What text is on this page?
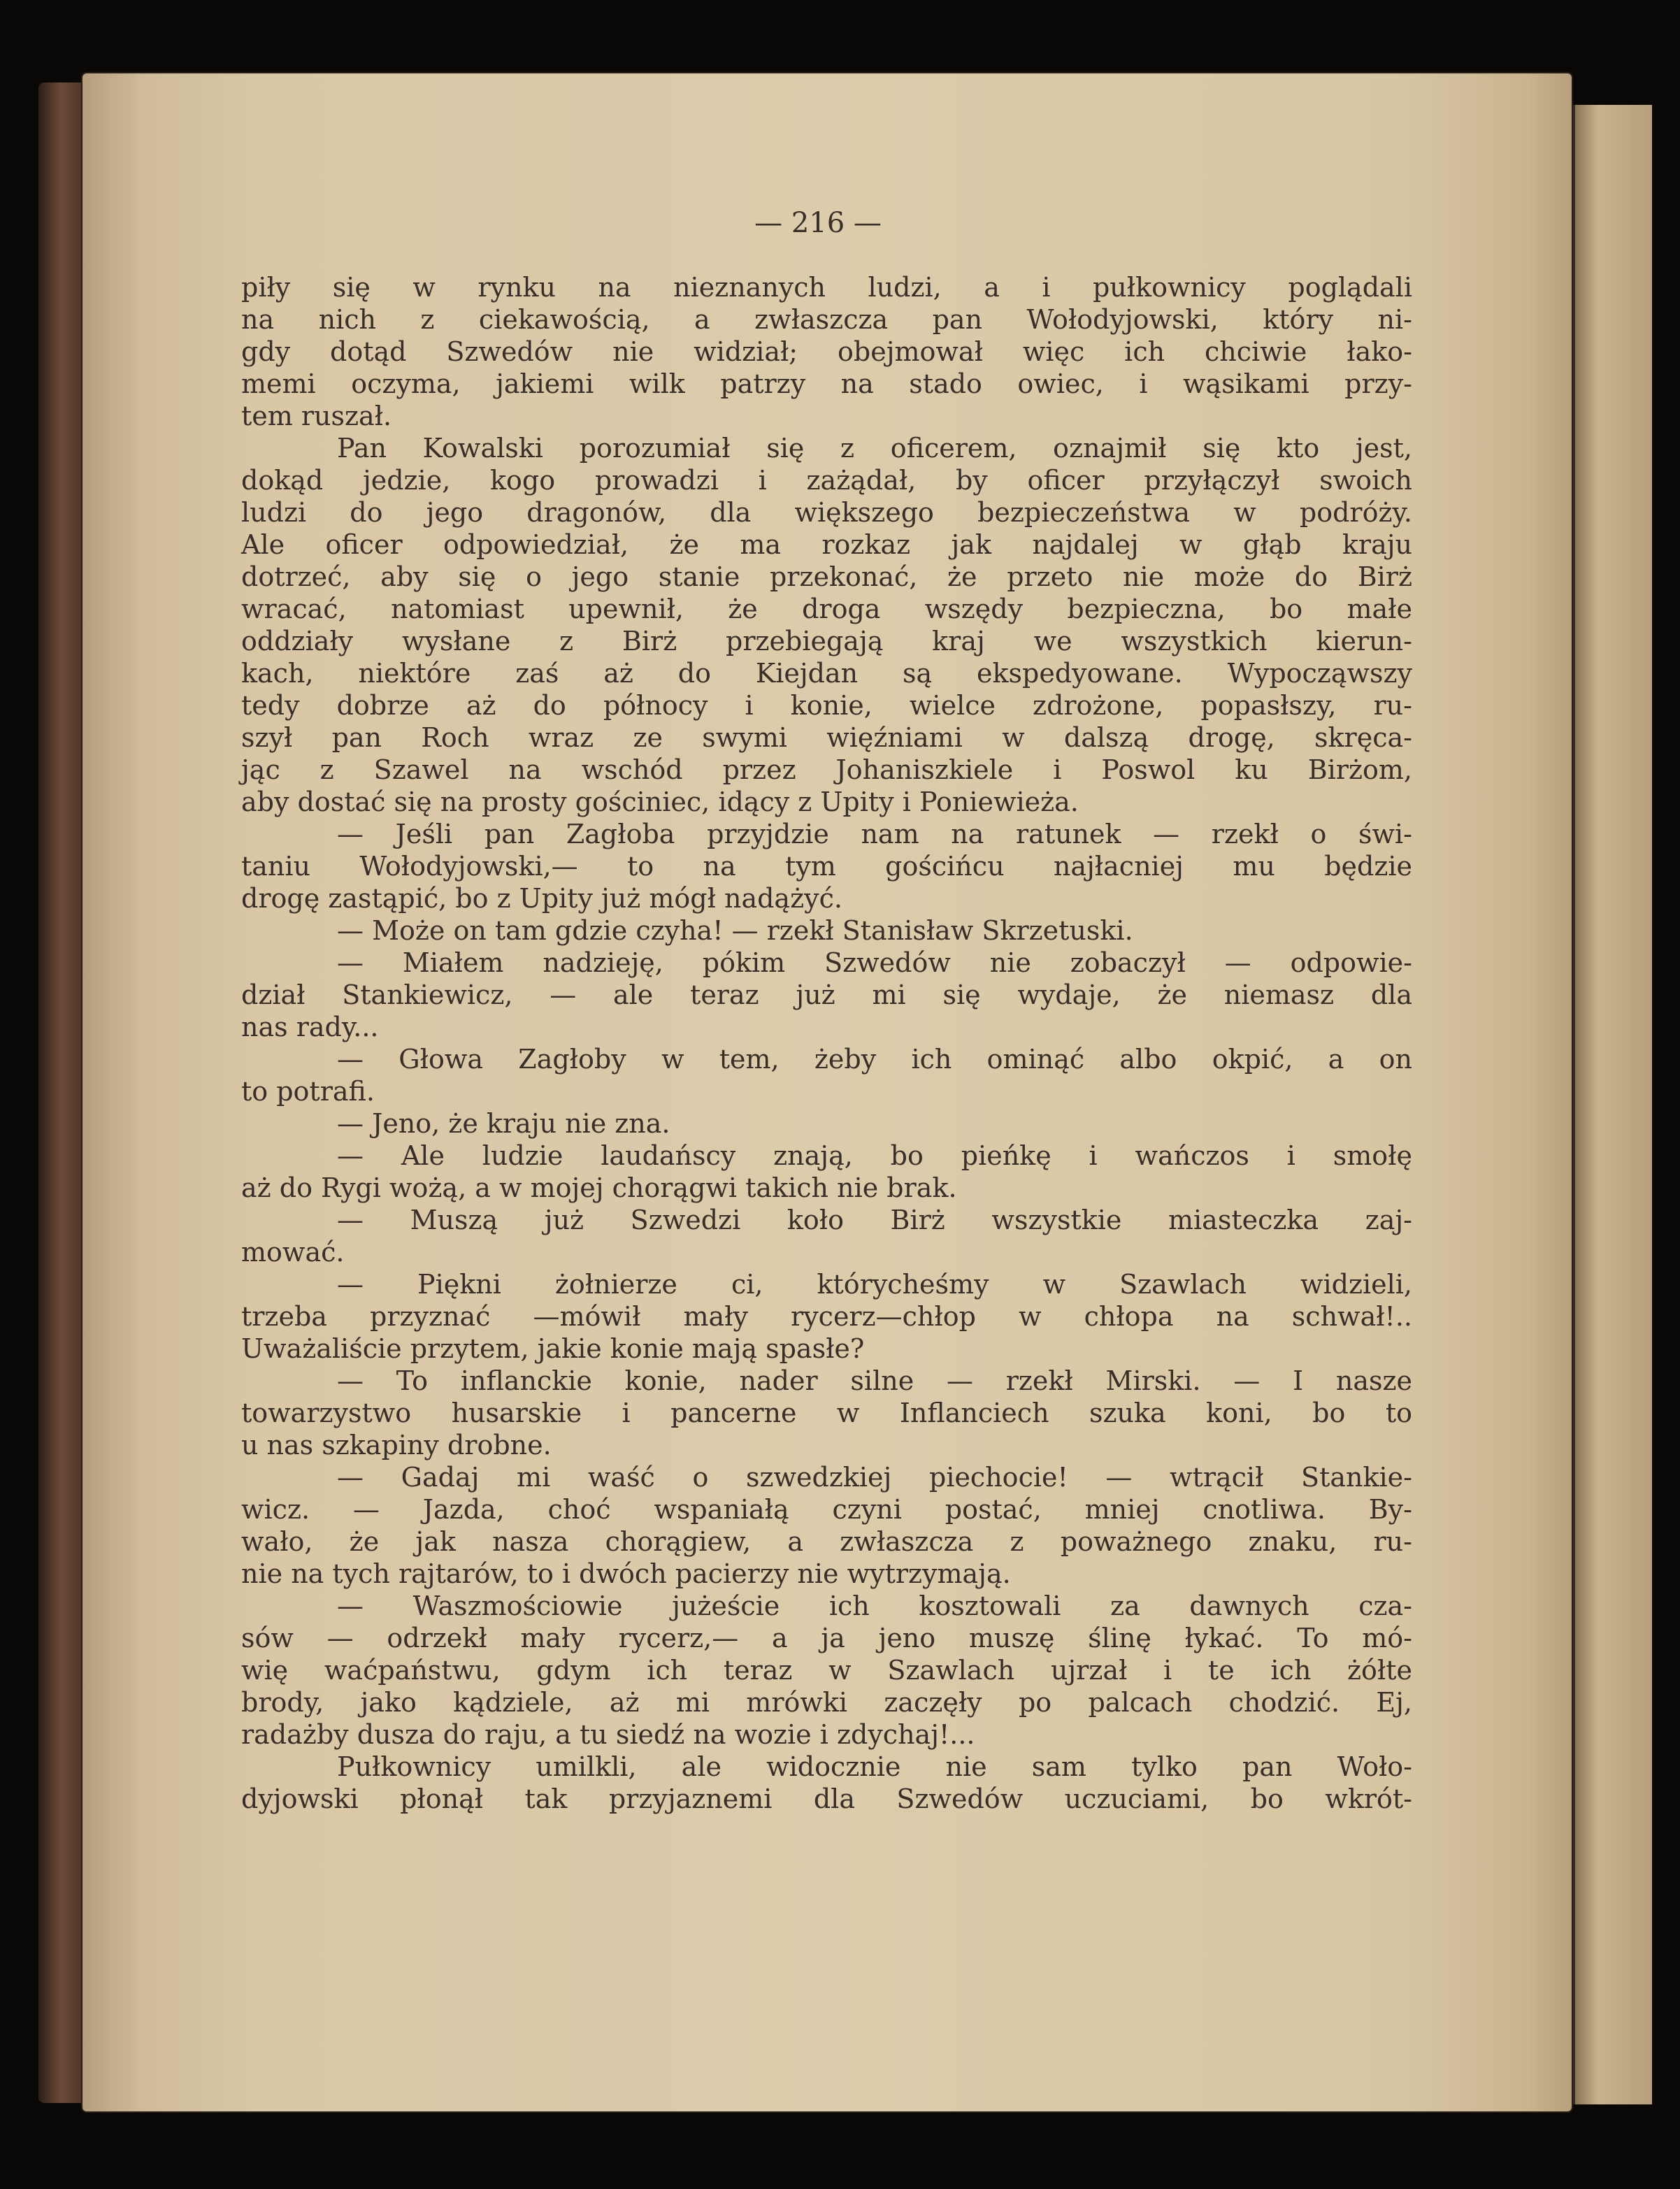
— 216 —
piły się w rynku na nieznanych ludzi, a i pułkownicy poglądali
na nich z ciekawością, a zwłaszcza pan Wołodyjowski, który ni-
gdy dotąd Szwedów nie widział; obejmował więc ich chciwie łako-
memi oczyma, jakiemi wilk patrzy na stado owiec, i wąsikami przy-
tem ruszał.
Pan Kowalski porozumiał się z oficerem, oznajmił się kto jest,
dokąd jedzie, kogo prowadzi i zażądał, by oficer przyłączył swoich
ludzi do jego dragonów, dla większego bezpieczeństwa w podróży.
Ale oficer odpowiedział, że ma rozkaz jak najdalej w głąb kraju
dotrzeć, aby się o jego stanie przekonać, że przeto nie może do Birż
wracać, natomiast upewnił, że droga wszędy bezpieczna, bo małe
oddziały wysłane z Birż przebiegają kraj we wszystkich kierun-
kach, niektóre zaś aż do Kiejdan są ekspedyowane. Wypocząwszy
tedy dobrze aż do północy i konie, wielce zdrożone, popasłszy, ru-
szył pan Roch wraz ze swymi więźniami w dalszą drogę, skręca-
jąc z Szawel na wschód przez Johaniszkiele i Poswol ku Birżom,
aby dostać się na prosty gościniec, idący z Upity i Poniewieża.
— Jeśli pan Zagłoba przyjdzie nam na ratunek — rzekł o świ-
taniu Wołodyjowski,— to na tym gościńcu najłacniej mu będzie
drogę zastąpić, bo z Upity już mógł nadążyć.
— Może on tam gdzie czyha! — rzekł Stanisław Skrzetuski.
— Miałem nadzieję, pókim Szwedów nie zobaczył — odpowie-
dział Stankiewicz, — ale teraz już mi się wydaje, że niemasz dla
nas rady...
— Głowa Zagłoby w tem, żeby ich ominąć albo okpić, a on
to potrafi.
— Jeno, że kraju nie zna.
— Ale ludzie laudańscy znają, bo pieńkę i wańczos i smołę
aż do Rygi wożą, a w mojej chorągwi takich nie brak.
— Muszą już Szwedzi koło Birż wszystkie miasteczka zaj-
mować.
— Piękni żołnierze ci, którycheśmy w Szawlach widzieli,
trzeba przyznać —mówił mały rycerz—chłop w chłopa na schwał!..
Uważaliście przytem, jakie konie mają spasłe?
— To inflanckie konie, nader silne — rzekł Mirski. — I nasze
towarzystwo husarskie i pancerne w Inflanciech szuka koni, bo to
u nas szkapiny drobne.
— Gadaj mi waść o szwedzkiej piechocie! — wtrącił Stankie-
wicz. — Jazda, choć wspaniałą czyni postać, mniej cnotliwa. By-
wało, że jak nasza chorągiew, a zwłaszcza z poważnego znaku, ru-
nie na tych rajtarów, to i dwóch pacierzy nie wytrzymają.
— Waszmościowie jużeście ich kosztowali za dawnych cza-
sów — odrzekł mały rycerz,— a ja jeno muszę ślinę łykać. To mó-
wię waćpaństwu, gdym ich teraz w Szawlach ujrzał i te ich żółte
brody, jako kądziele, aż mi mrówki zaczęły po palcach chodzić. Ej,
radażby dusza do raju, a tu siedź na wozie i zdychaj!...
Pułkownicy umilkli, ale widocznie nie sam tylko pan Woło-
dyjowski płonął tak przyjaznemi dla Szwedów uczuciami, bo wkrót-
